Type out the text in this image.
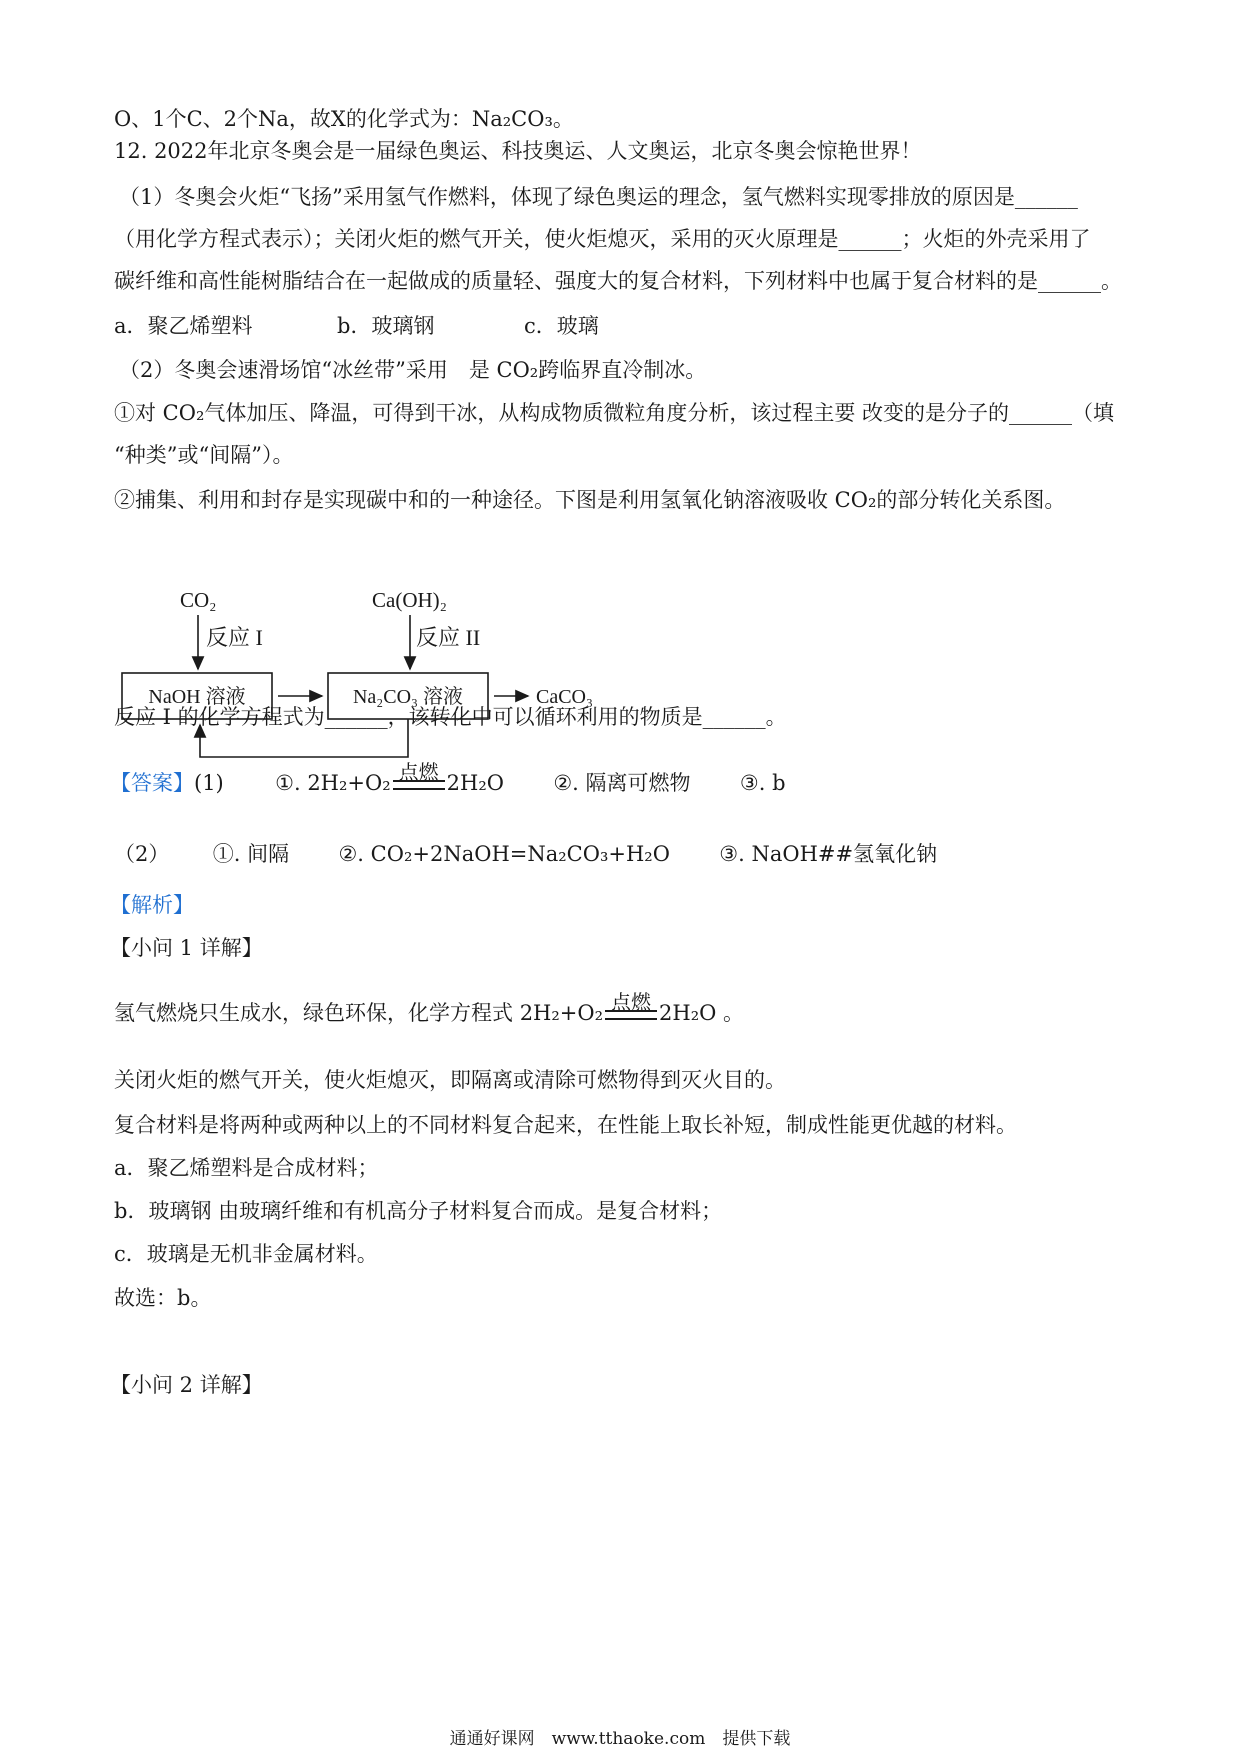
O、1个C、2个Na，故X的化学式为：Na₂CO₃。
12. 2022年北京冬奥会是一届绿色奥运、科技奥运、人文奥运，北京冬奥会惊艳世界！
（1）冬奥会火炬“飞扬”采用氢气作燃料，体现了绿色奥运的理念，氢气燃料实现零排放的原因是______
（用化学方程式表示）；关闭火炬的燃气开关，使火炬熄灭，采用的灭火原理是______；火炬的外壳采用了
碳纤维和高性能树脂结合在一起做成的质量轻、强度大的复合材料，下列材料中也属于复合材料的是______。
a．聚乙烯塑料	b．玻璃钢	c．玻璃
（2）冬奥会速滑场馆“冰丝带”采用　是 CO₂跨临界直冷制冰。
①对 CO₂气体加压、降温，可得到干冰，从构成物质微粒角度分析，该过程主要 改变的是分子的______（填
“种类”或“间隔”）。
②捕集、利用和封存是实现碳中和的一种途径。下图是利用氢氧化钠溶液吸收 CO₂的部分转化关系图。
CO₂
反应 I
Ca(OH)₂
反应 II
NaOH 溶液	Na₂CO₃ 溶液	CaCO₃
反应 I 的化学方程式为______，该转化中可以循环利用的物质是______。
【答案】(1) ①. 2H₂+O₂ 点燃 2H₂O ②. 隔离可燃物 ③. b
（2） ①. 间隔 ②. CO₂+2NaOH=Na₂CO₃+H₂O ③. NaOH##氢氧化钠
【解析】
【小问 1 详解】
氢气燃烧只生成水，绿色环保，化学方程式 2H₂+O₂ 点燃 2H₂O 。
关闭火炬的燃气开关，使火炬熄灭，即隔离或清除可燃物得到灭火目的。
复合材料是将两种或两种以上的不同材料复合起来，在性能上取长补短，制成性能更优越的材料。
a．聚乙烯塑料是合成材料；
b．玻璃钢 由玻璃纤维和有机高分子材料复合而成。是复合材料；
c．玻璃是无机非金属材料。
故选：b。
【小问 2 详解】
通通好课网　www.tthaoke.com　提供下载
